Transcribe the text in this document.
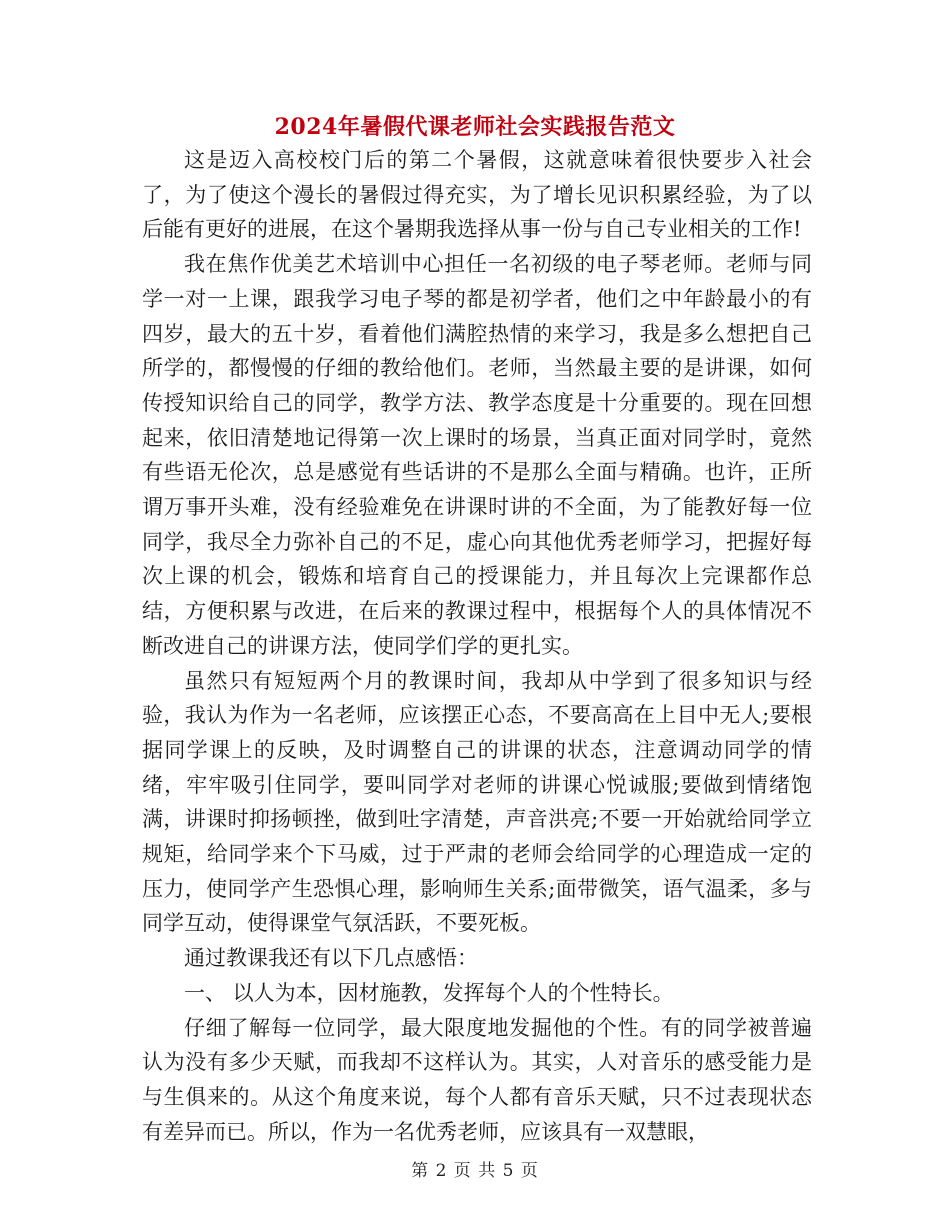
2024年暑假代课老师社会实践报告范文

这是迈入高校校门后的第二个暑假，这就意味着很快要步入社会了，为了使这个漫长的暑假过得充实，为了增长见识积累经验，为了以后能有更好的进展，在这个暑期我选择从事一份与自己专业相关的工作!

我在焦作优美艺术培训中心担任一名初级的电子琴老师。老师与同学一对一上课，跟我学习电子琴的都是初学者，他们之中年龄最小的有四岁，最大的五十岁，看着他们满腔热情的来学习，我是多么想把自己所学的，都慢慢的仔细的教给他们。老师，当然最主要的是讲课，如何传授知识给自己的同学，教学方法、教学态度是十分重要的。现在回想起来，依旧清楚地记得第一次上课时的场景，当真正面对同学时，竟然有些语无伦次，总是感觉有些话讲的不是那么全面与精确。也许，正所谓万事开头难，没有经验难免在讲课时讲的不全面，为了能教好每一位同学，我尽全力弥补自己的不足，虚心向其他优秀老师学习，把握好每次上课的机会，锻炼和培育自己的授课能力，并且每次上完课都作总结，方便积累与改进，在后来的教课过程中，根据每个人的具体情况不断改进自己的讲课方法，使同学们学的更扎实。

虽然只有短短两个月的教课时间，我却从中学到了很多知识与经验，我认为作为一名老师，应该摆正心态，不要高高在上目中无人;要根据同学课上的反映，及时调整自己的讲课的状态，注意调动同学的情绪，牢牢吸引住同学，要叫同学对老师的讲课心悦诚服;要做到情绪饱满，讲课时抑扬顿挫，做到吐字清楚，声音洪亮;不要一开始就给同学立规矩，给同学来个下马威，过于严肃的老师会给同学的心理造成一定的压力，使同学产生恐惧心理，影响师生关系;面带微笑，语气温柔，多与同学互动，使得课堂气氛活跃，不要死板。

通过教课我还有以下几点感悟：

一、 以人为本，因材施教，发挥每个人的个性特长。

仔细了解每一位同学，最大限度地发掘他的个性。有的同学被普遍认为没有多少天赋，而我却不这样认为。其实，人对音乐的感受能力是与生俱来的。从这个角度来说，每个人都有音乐天赋，只不过表现状态有差异而已。所以，作为一名优秀老师，应该具有一双慧眼，

第 2 页 共 5 页
